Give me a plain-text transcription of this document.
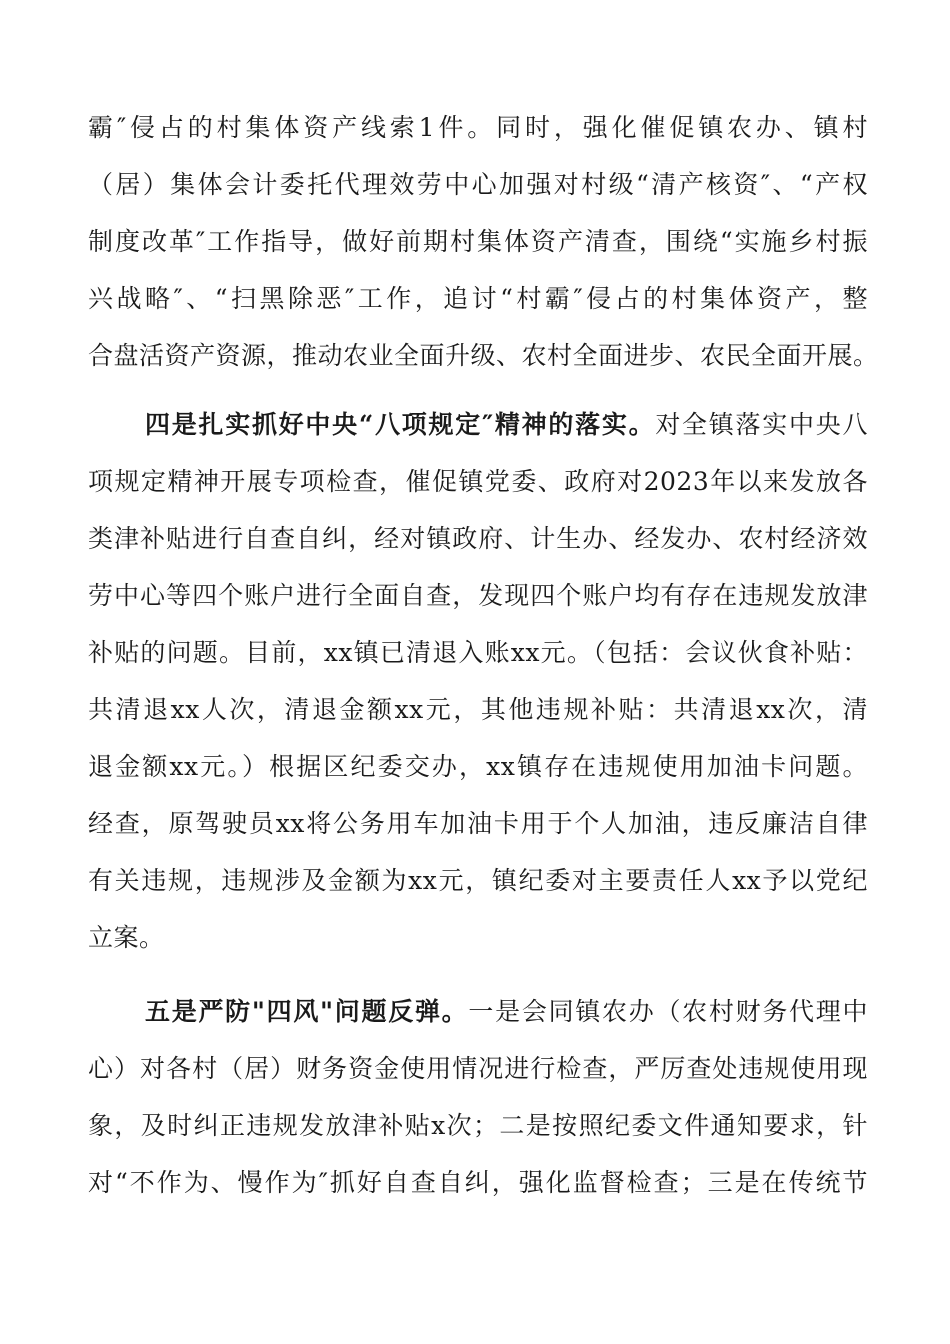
霸″侵占的村集体资产线索1件。同时，强化催促镇农办、镇村
（居）集体会计委托代理效劳中心加强对村级“清产核资″、“产权
制度改革″工作指导，做好前期村集体资产清查，围绕“实施乡村振
兴战略″、“扫黑除恶″工作，追讨“村霸″侵占的村集体资产，整
合盘活资产资源，推动农业全面升级、农村全面进步、农民全面开展。
四是扎实抓好中央“八项规定″精神的落实。对全镇落实中央八
项规定精神开展专项检查，催促镇党委、政府对2023年以来发放各
类津补贴进行自查自纠，经对镇政府、计生办、经发办、农村经济效
劳中心等四个账户进行全面自查，发现四个账户均有存在违规发放津
补贴的问题。目前，xx镇已清退入账xx元。（包括：会议伙食补贴：
共清退xx人次，清退金额xx元，其他违规补贴：共清退xx次，清
退金额xx元。）根据区纪委交办，xx镇存在违规使用加油卡问题。
经查，原驾驶员xx将公务用车加油卡用于个人加油，违反廉洁自律
有关违规，违规涉及金额为xx元，镇纪委对主要责任人xx予以党纪
立案。
五是严防"四风"问题反弹。一是会同镇农办（农村财务代理中
心）对各村（居）财务资金使用情况进行检查，严厉查处违规使用现
象，及时纠正违规发放津补贴x次；二是按照纪委文件通知要求，针
对“不作为、慢作为″抓好自查自纠，强化监督检查；三是在传统节
